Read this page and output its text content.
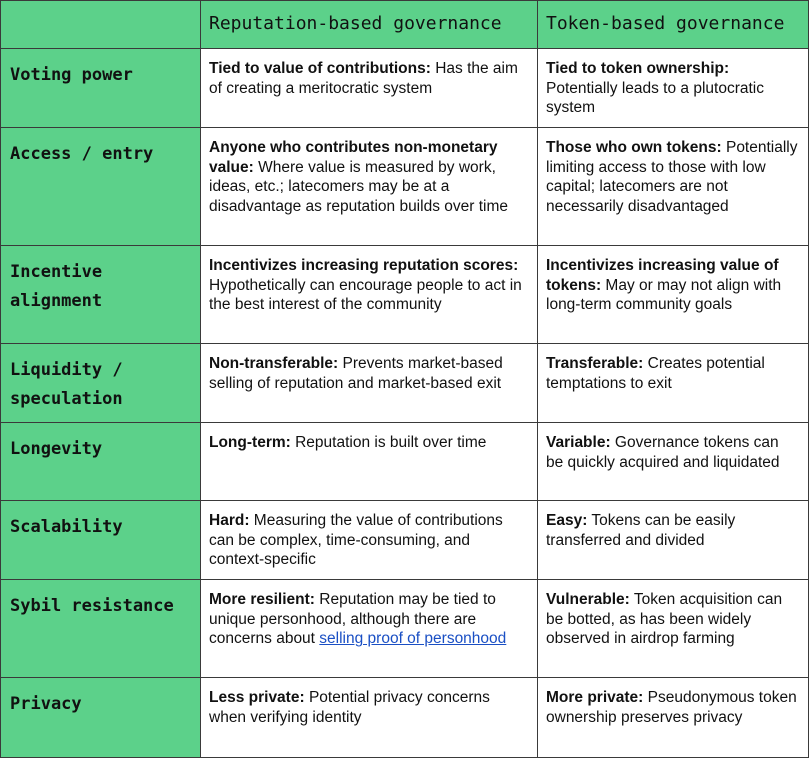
	Reputation-based governance	Token-based governance
Voting power	Tied to value of contributions: Has the aim of creating a meritocratic system	Tied to token ownership: Potentially leads to a plutocratic system
Access / entry	Anyone who contributes non-monetary value: Where value is measured by work, ideas, etc.; latecomers may be at a disadvantage as reputation builds over time	Those who own tokens: Potentially limiting access to those with low capital; latecomers are not necessarily disadvantaged
Incentive alignment	Incentivizes increasing reputation scores: Hypothetically can encourage people to act in the best interest of the community	Incentivizes increasing value of tokens: May or may not align with long-term community goals
Liquidity / speculation	Non-transferable: Prevents market-based selling of reputation and market-based exit	Transferable: Creates potential temptations to exit
Longevity	Long-term: Reputation is built over time	Variable: Governance tokens can be quickly acquired and liquidated
Scalability	Hard: Measuring the value of contributions can be complex, time-consuming, and context-specific	Easy: Tokens can be easily transferred and divided
Sybil resistance	More resilient: Reputation may be tied to unique personhood, although there are concerns about selling proof of personhood	Vulnerable: Token acquisition can be botted, as has been widely observed in airdrop farming
Privacy	Less private: Potential privacy concerns when verifying identity	More private: Pseudonymous token ownership preserves privacy
